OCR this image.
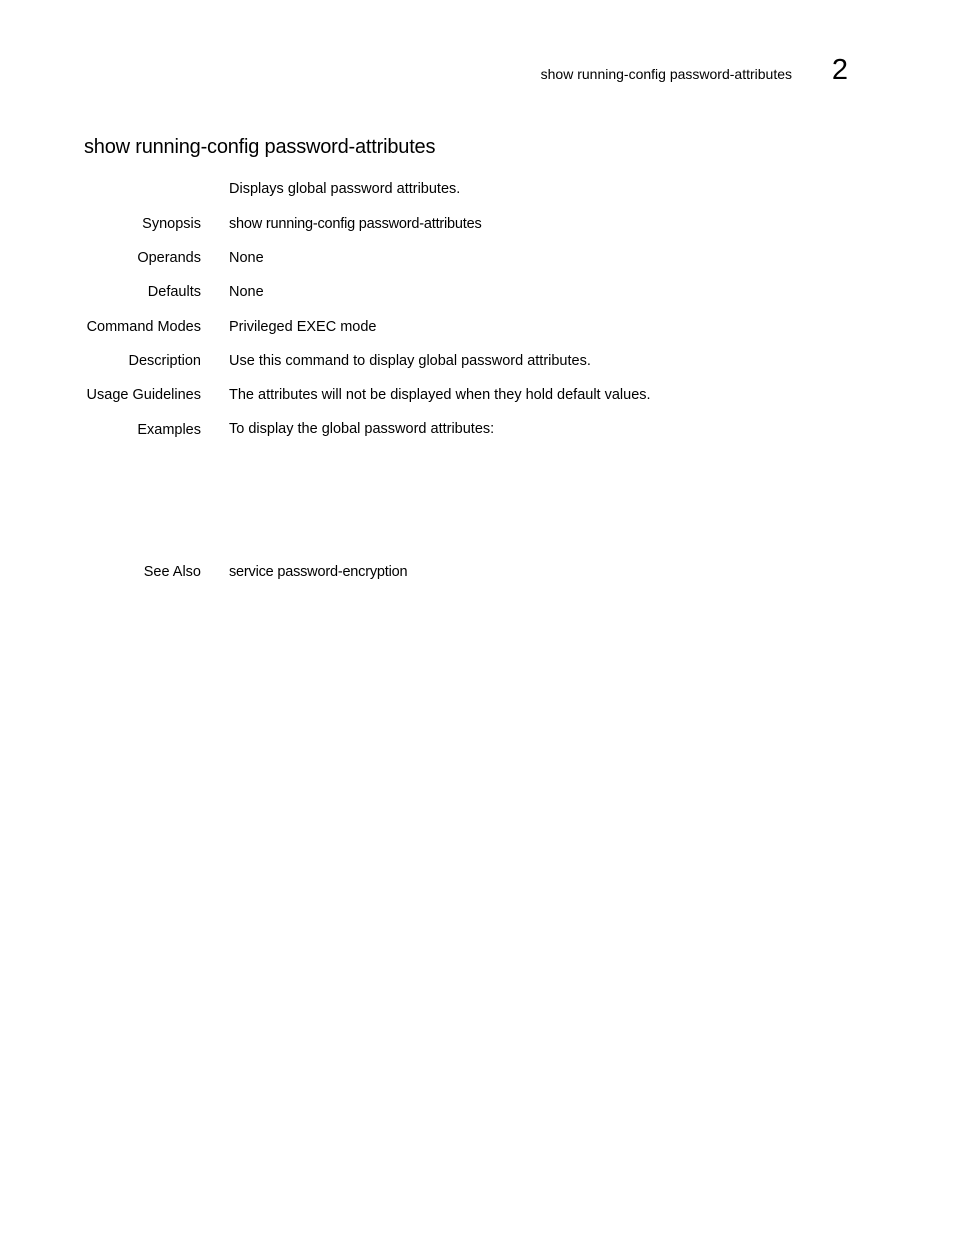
show running-config password-attributes	2
show running-config password-attributes
Displays global password attributes.
Synopsis show running-config password-attributes
Operands None
Defaults None
Command Modes Privileged EXEC mode
Description Use this command to display global password attributes.
Usage Guidelines The attributes will not be displayed when they hold default values.
Examples To display the global password attributes:
See Also service password-encryption
